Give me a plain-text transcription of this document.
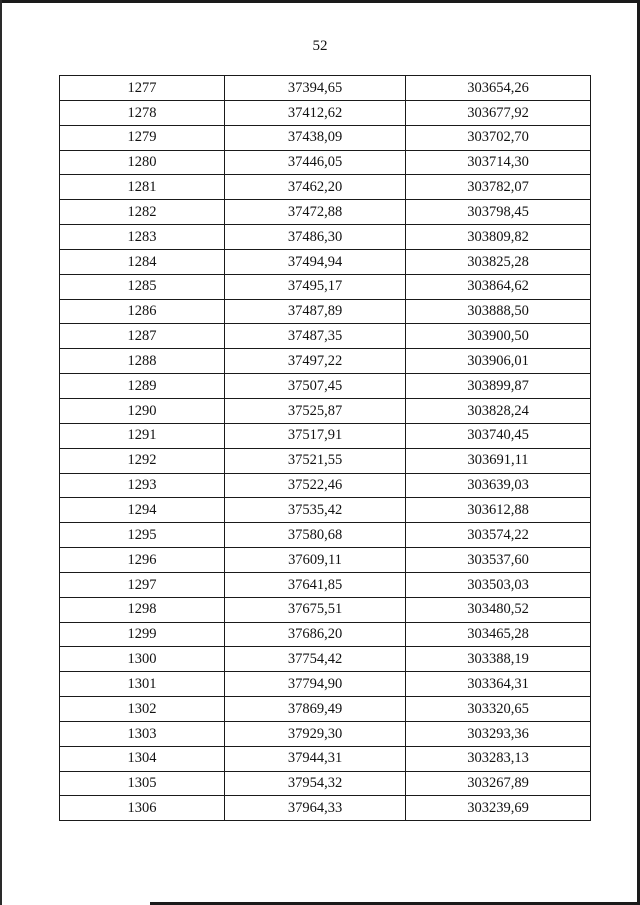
52
1277	37394,65	303654,26
1278	37412,62	303677,92
1279	37438,09	303702,70
1280	37446,05	303714,30
1281	37462,20	303782,07
1282	37472,88	303798,45
1283	37486,30	303809,82
1284	37494,94	303825,28
1285	37495,17	303864,62
1286	37487,89	303888,50
1287	37487,35	303900,50
1288	37497,22	303906,01
1289	37507,45	303899,87
1290	37525,87	303828,24
1291	37517,91	303740,45
1292	37521,55	303691,11
1293	37522,46	303639,03
1294	37535,42	303612,88
1295	37580,68	303574,22
1296	37609,11	303537,60
1297	37641,85	303503,03
1298	37675,51	303480,52
1299	37686,20	303465,28
1300	37754,42	303388,19
1301	37794,90	303364,31
1302	37869,49	303320,65
1303	37929,30	303293,36
1304	37944,31	303283,13
1305	37954,32	303267,89
1306	37964,33	303239,69
